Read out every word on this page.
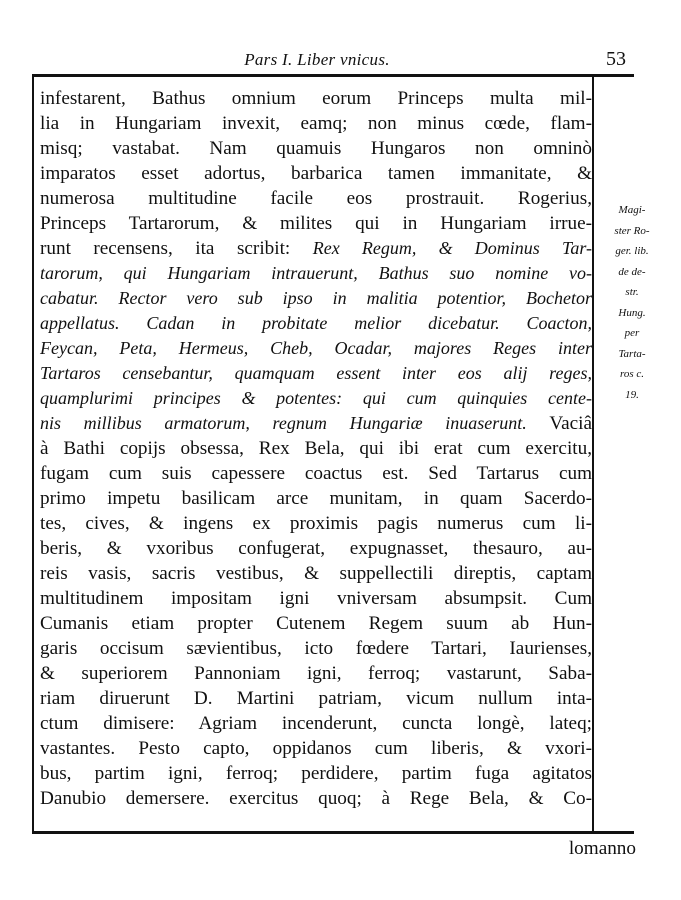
Pars I. Liber vnicus.	53
infestarent, Bathus omnium eorum Princeps multa mil-
lia in Hungariam invexit, eamq; non minus cœde, flam-
misq; vastabat. Nam quamuis Hungaros non omninò
imparatos esset adortus, barbarica tamen immanitate, &
numerosa multitudine facile eos prostrauit. Rogerius,
Princeps Tartarorum, & milites qui in Hungariam irrue-
runt recensens, ita scribit: Rex Regum, & Dominus Tar-
tarorum, qui Hungariam intrauerunt, Bathus suo nomine vo-
cabatur. Rector vero sub ipso in malitia potentior, Bochetor
appellatus. Cadan in probitate melior dicebatur. Coacton,
Feycan, Peta, Hermeus, Cheb, Ocadar, majores Reges inter
Tartaros censebantur, quamquam essent inter eos alij reges,
quamplurimi principes & potentes: qui cum quinquies cente-
nis millibus armatorum, regnum Hungariæ inuaserunt. Vaciâ
à Bathi copijs obsessa, Rex Bela, qui ibi erat cum exercitu,
fugam cum suis capessere coactus est. Sed Tartarus cum
primo impetu basilicam arce munitam, in quam Sacerdo-
tes, cives, & ingens ex proximis pagis numerus cum li-
beris, & vxoribus confugerat, expugnasset, thesauro, au-
reis vasis, sacris vestibus, & suppellectili direptis, captam
multitudinem impositam igni vniversam absumpsit. Cum
Cumanis etiam propter Cutenem Regem suum ab Hun-
garis occisum sævientibus, icto fœdere Tartari, Iaurienses,
& superiorem Pannoniam igni, ferroq; vastarunt, Saba-
riam diruerunt D. Martini patriam, vicum nullum inta-
ctum dimisere: Agriam incenderunt, cuncta longè, lateq;
vastantes. Pesto capto, oppidanos cum liberis, & vxori-
bus, partim igni, ferroq; perdidere, partim fuga agitatos
Danubio demersere. exercitus quoq; à Rege Bela, & Co-
Magi-
ster Ro-
ger. lib.
de de-
str.
Hung.
per
Tarta-
ros c.
19.
lomanno
